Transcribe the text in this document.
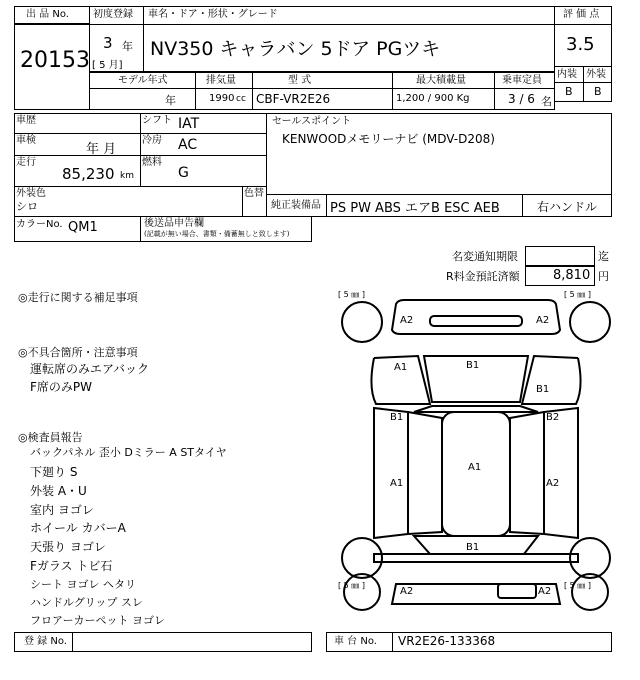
出 品 No.
20153
初度登録
3 年
[ 5 月]
車名・ドア・形状・グレード
NV350 キャラバン 5ドア PGツキ
評 価 点
3.5
内装 外装
B B
モデル年式
年
排気量
1990 cc
型 式
CBF-VR2E26
最大積載量
1,200 / 900 Kg
乗車定員
3 / 6 名
車歴
車検
年 月
走行
85,230 km
シフト IAT
冷房 AC
燃料
G
外装色
シロ
色替
セールスポイント
KENWOODメモリーナビ (MDV-D208)
純正装備品 PS PW ABS エアB ESC AEB	右ハンドル
カラーNo. QM1	後送品申告欄
(記載が無い場合、書類・備蓄無しと致します)
名変通知期限	迄
R料金預託済額	8,810 円
◎走行に関する補足事項
◎不具合箇所・注意事項
運転席のみエアバック
F席のみPW
◎検査員報告
バックパネル 歪小 Dミラー A STタイヤ
下廻り S
外装 A・U
室内 ヨゴレ
ホイール カバーA
天張り ヨゴレ
Fガラス トビ石
シート ヨゴレ ヘタリ
ハンドルグリップ スレ
フロアーカーペット ヨゴレ
[ 5 ㎜ ]	[ 5 ㎜ ]
[ 5 ㎜ ]	[ 5 ㎜ ]
A2	A2
A1	B1
B1
B1	B2
A1
A1	A2
B1
A2	A2
登 録 No.	車 台 No. VR2E26-133368
